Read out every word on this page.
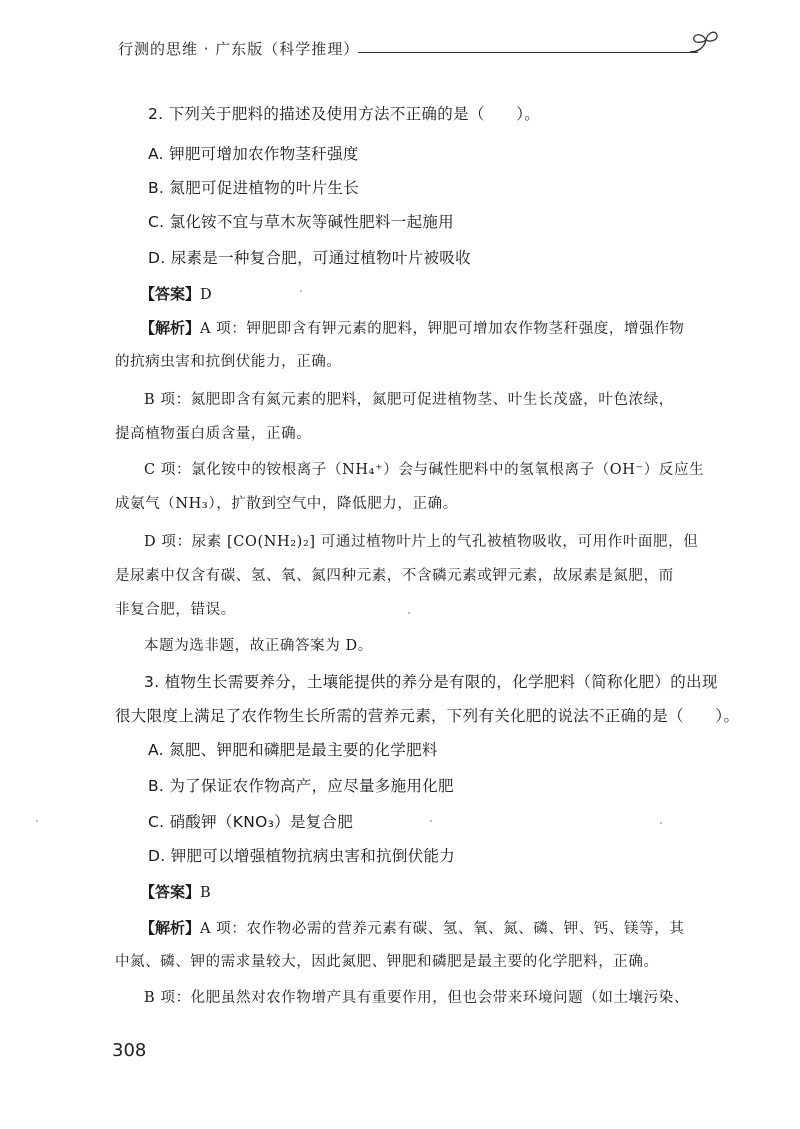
行测的思维 · 广东版（科学推理）
2. 下列关于肥料的描述及使用方法不正确的是（　　）。
A. 钾肥可增加农作物茎秆强度
B. 氮肥可促进植物的叶片生长
C. 氯化铵不宜与草木灰等碱性肥料一起施用
D. 尿素是一种复合肥，可通过植物叶片被吸收
【答案】D
【解析】A 项：钾肥即含有钾元素的肥料，钾肥可增加农作物茎秆强度，增强作物
的抗病虫害和抗倒伏能力，正确。
B 项：氮肥即含有氮元素的肥料，氮肥可促进植物茎、叶生长茂盛，叶色浓绿，
提高植物蛋白质含量，正确。
C 项：氯化铵中的铵根离子（NH₄⁺）会与碱性肥料中的氢氧根离子（OH⁻）反应生
成氨气（NH₃），扩散到空气中，降低肥力，正确。
D 项：尿素 [CO(NH₂)₂] 可通过植物叶片上的气孔被植物吸收，可用作叶面肥，但
是尿素中仅含有碳、氢、氧、氮四种元素，不含磷元素或钾元素，故尿素是氮肥，而
非复合肥，错误。
本题为选非题，故正确答案为 D。
3. 植物生长需要养分，土壤能提供的养分是有限的，化学肥料（简称化肥）的出现
很大限度上满足了农作物生长所需的营养元素，下列有关化肥的说法不正确的是（　　）。
A. 氮肥、钾肥和磷肥是最主要的化学肥料
B. 为了保证农作物高产，应尽量多施用化肥
C. 硝酸钾（KNO₃）是复合肥
D. 钾肥可以增强植物抗病虫害和抗倒伏能力
【答案】B
【解析】A 项：农作物必需的营养元素有碳、氢、氧、氮、磷、钾、钙、镁等，其
中氮、磷、钾的需求量较大，因此氮肥、钾肥和磷肥是最主要的化学肥料，正确。
B 项：化肥虽然对农作物增产具有重要作用，但也会带来环境问题（如土壤污染、
308
